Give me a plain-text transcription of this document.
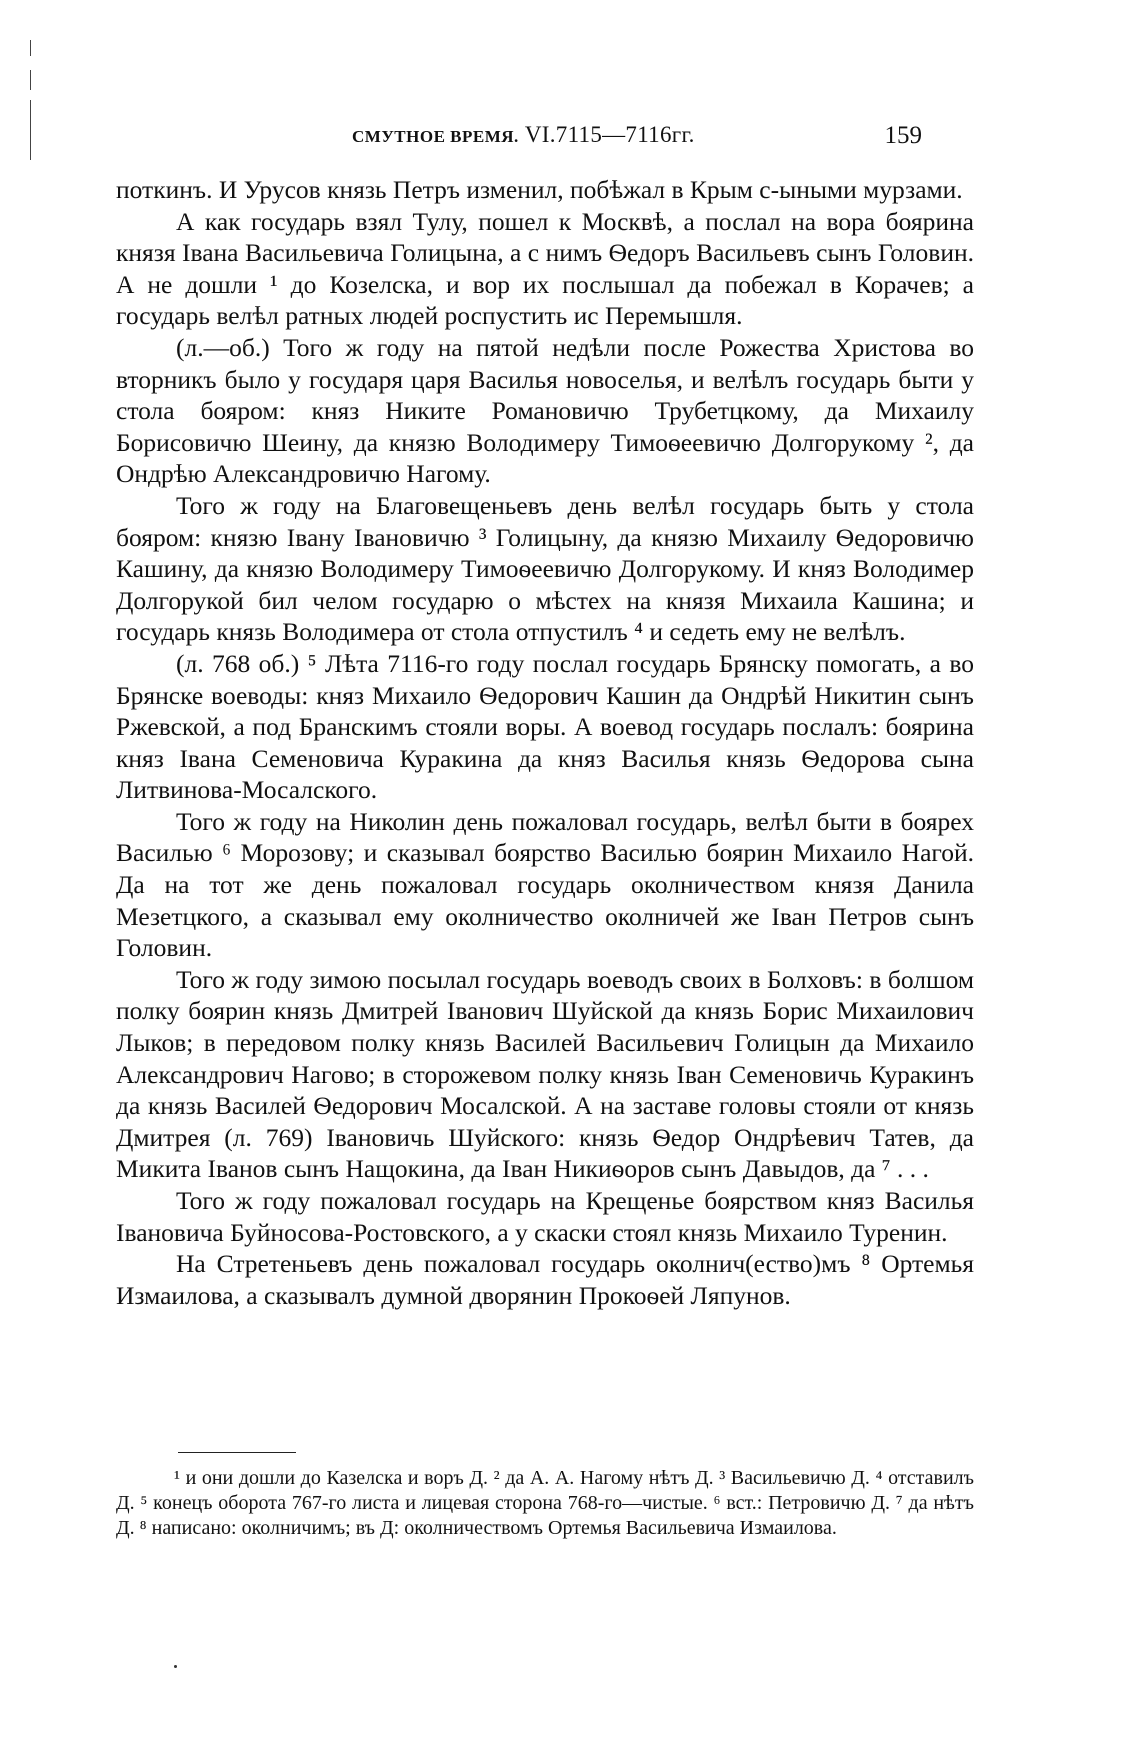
СМУТНОЕ ВРЕМЯ. VI.7115—7116гг.	159

поткинъ. И Урусов князь Петръ изменил, побѣжал в Крым с-ыными мурзами.

А как государь взял Тулу, пошел к Москвѣ, а послал на вора боярина князя Івана Васильевича Голицына, а с нимъ Ѳедоръ Васильевъ сынъ Головин. А не дошли ¹ до Козелска, и вор их послышал да побежал в Корачев; а государь велѣл ратных людей роспустить ис Перемышля.

(л.—об.) Того ж году на пятой недѣли после Рожества Христова во вторникъ было у государя царя Василья новоселья, и велѣлъ государь быти у стола бояром: княз Никите Романовичю Трубетцкому, да Михаилу Борисовичю Шеину, да князю Володимеру Тимоѳеевичю Долгорукому ², да Ондрѣю Александровичю Нагому.

Того ж году на Благовещеньевъ день велѣл государь быть у стола бояром: князю Івану Івановичю ³ Голицыну, да князю Михаилу Ѳедоровичю Кашину, да князю Володимеру Тимоѳеевичю Долгорукому. И княз Володимер Долгорукой бил челом государю о мѣстех на князя Михаила Кашина; и государь князь Володимера от стола отпустилъ ⁴ и седеть ему не велѣлъ.

(л. 768 об.) ⁵ Лѣта 7116-го году послал государь Брянску помогать, а во Брянске воеводы: княз Михаило Ѳедорович Кашин да Ондрѣй Никитин сынъ Ржевской, а под Бранскимъ стояли воры. А воевод государь послалъ: боярина княз Івана Семеновича Куракина да княз Василья князь Ѳедорова сына Литвинова-Мосалского.

Того ж году на Николин день пожаловал государь, велѣл быти в боярех Василью ⁶ Морозову; и сказывал боярство Василью боярин Михаило Нагой. Да на тот же день пожаловал государь околничеством князя Данила Мезетцкого, а сказывал ему околничество околничей же Іван Петров сынъ Головин.

Того ж году зимою посылал государь воеводъ своих в Болховъ: в болшом полку боярин князь Дмитрей Іванович Шуйской да князь Борис Михаилович Лыков; в передовом полку князь Василей Васильевич Голицын да Михаило Александрович Нагово; в сторожевом полку князь Іван Семеновичь Куракинъ да князь Василей Ѳедорович Мосалской. А на заставе головы стояли от князь Дмитрея (л. 769) Івановичь Шуйского: князь Ѳедор Ондрѣевич Татев, да Микита Іванов сынъ Нащокина, да Іван Никиѳоров сынъ Давыдов, да ⁷ . . .

Того ж году пожаловал государь на Крещенье боярством княз Василья Івановича Буйносова-Ростовского, а у скаски стоял князь Михаило Туренин.

На Стретеньевъ день пожаловал государь околнич(ество)мъ ⁸ Ортемья Измаилова, а сказывалъ думной дворянин Прокоѳей Ляпунов.

¹ и они дошли до Казелска и воръ Д. ² да А. А. Нагому нѣтъ Д. ³ Васильевичю Д. ⁴ отставилъ Д. ⁵ конецъ оборота 767-го листа и лицевая сторона 768-го—чистые. ⁶ вст.: Петровичю Д. ⁷ да нѣтъ Д. ⁸ написано: околничимъ; въ Д: околничествомъ Ортемья Васильевича Измаилова.
